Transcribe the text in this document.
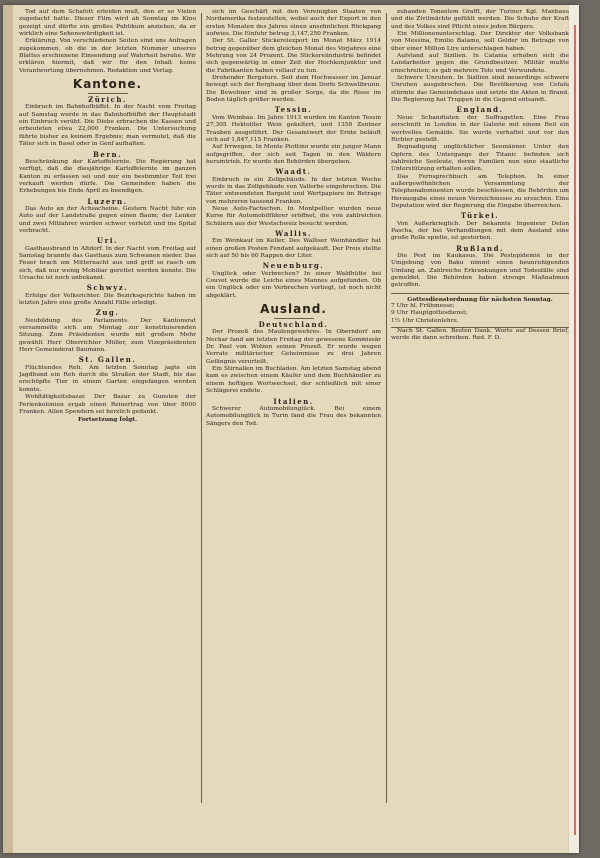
Tod auf dem Schafott erleiden muß, den er so Vielen zugedacht hatte. Dieser Film wird ab Sonntag im Kino gezeigt und dürfte ein großes Publikum anziehen, da er wirklich eine Sehenswürdigkeit ist.

Erklärung. Von verschiedenen Seiten sind uns Anfragen zugekommen, ob die in der letzten Nummer unseres Blattes erschienene Einsendung auf Wahrheit beruhe. Wir erklären hiermit, daß wir für den Inhalt keine Verantwortung übernehmen. Redaktion und Verlag.

Kantone.
Zürich.

Einbruch im Bahnhofbüffet. In der Nacht vom Freitag auf Samstag wurde in das Bahnhofbüffet der Hauptstadt ein Einbruch verübt. Die Diebe erbrachen die Kassen und erbeuteten etwa 22,000 Franken. Die Untersuchung führte bisher zu keinem Ergebnis; man vermutet, daß die Täter sich in Basel oder in Genf aufhalten.

Bern.

Beschränkung der Kartoffelernte. Die Regierung hat verfügt, daß die diesjährige Kartoffelernte im ganzen Kanton zu erfassen sei und nur ein bestimmter Teil frei verkauft werden dürfe. Die Gemeinden haben die Erhebungen bis Ende April zu beendigen.

Luzern.

Das Auto an der Achsacheine. Gestern Nacht fuhr ein Auto auf der Landstraße gegen einen Baum; der Lenker und zwei Mitfahrer wurden schwer verletzt und ins Spital verbracht.

Uri.

Gasthausbrand in Altdorf. In der Nacht vom Freitag auf Samstag brannte das Gasthaus zum Schwanen nieder. Das Feuer brach um Mitternacht aus und griff so rasch um sich, daß nur wenig Mobiliar gerettet werden konnte. Die Ursache ist noch unbekannt.

Schwyz.

Erfolge der Volksrichter. Die Bezirksgerichte haben im letzten Jahre eine große Anzahl Fälle erledigt.

Zug.

Neubildung des Parlaments. Der Kantonsrat versammelte sich am Montag zur konstituierenden Sitzung. Zum Präsidenten wurde mit großem Mehr gewählt Herr Oberrichter Müller, zum Vizepräsidenten Herr Gemeinderat Baumann.

St. Gallen.

Flüchtendes Reh. Am letzten Sonntag jagte ein Jagdhund ein Reh durch die Straßen der Stadt, bis das erschöpfte Tier in einem Garten eingefangen werden konnte.

Wohltätigkeitsbazar. Der Bazar zu Gunsten der Ferienkolonien ergab einen Reinertrag von über 8000 Franken. Allen Spendern sei herzlich gedankt.

Fortsetzung folgt.

sich im Geschäft mit den Vereinigten Staaten von Nordamerika festzustellen, wobei auch der Export in den ersten Monaten des Jahres einen ansehnlichen Rückgang aufwies. Die Einfuhr betrug 3,147,250 Franken.

Der St. Galler Stickereiexport im Monat März 1914 betrug gegenüber dem gleichen Monat des Vorjahres eine Mehrung von 24 Prozent. Die Stickereiindustrie befindet sich gegenwärtig in einer Zeit der Hochkonjunktur und die Fabrikanten haben vollauf zu tun.

Drohender Bergsturz. Seit dem Hochwasser im Januar bewegt sich der Berghang über dem Dorfe Schwellbrunn. Die Bewohner sind in großer Sorge, da die Risse im Boden täglich größer werden.

Tessin.

Vom Weinbau. Im Jahre 1913 wurden im Kanton Tessin 27,305 Hektoliter Wein gekeltert, und 1358 Zentner Trauben ausgeführt. Der Gesamtwert der Ernte beläuft sich auf 1,847,115 Franken.

Auf Irrwegen. In Monte Piottino wurde ein junger Mann aufgegriffen, der sich seit Tagen in den Wäldern herumtrieb. Er wurde den Behörden übergeben.

Waadt.

Einbruch in ein Zollgebäude. In der letzten Woche wurde in das Zollgebäude von Vallorbe eingebrochen. Die Täter entwendeten Bargeld und Wertpapiere im Betrage von mehreren tausend Franken.

Neue Auto-Fachschen. In Montpellier wurden neue Kurse für Automobilführer eröffnet, die von zahlreichen Schülern aus der Westschweiz besucht werden.

Wallis.

Ein Weinkauf im Keller. Des Walliser Weinhändler hat einen großen Posten Fendant aufgekauft. Der Preis stellte sich auf 50 bis 60 Rappen der Liter.

Neuenburg.

Unglück oder Verbrechen? In einer Waldhütte bei Couvet wurde die Leiche eines Mannes aufgefunden. Ob ein Unglück oder ein Verbrechen vorliegt, ist noch nicht abgeklärt.

Ausland.
Deutschland.

Der Prozeß des Maulengewehres. In Oberndorf am Neckar fand am letzten Freitag der gewesene Kommissär Dr. Paul von Wolzen seinen Prozeß. Er wurde wegen Verrats militärischer Geheimnisse zu drei Jahren Gefängnis verurteilt.

Ein Stirnallen im Buchladen. Am letzten Samstag abend kam es zwischen einem Käufer und dem Buchhändler zu einem heftigen Wortwechsel, der schließlich mit einer Schlägerei endete.

Italien.

Schwerer Automobilunglück. Bei einem Automobilunglück in Turin fand die Frau des bekannten Sängers den Tod.

zuhanden Toneelem Grafft, der Turiner Kgl. Manbaus und die Zivilmächte gefühlt werden. Die Schuhe der Kraft und des Volkes sind Pflicht eines jeden Bürgers.

Ein Millionenunterschlag. Der Direktor der Volksbank von Messina, Emilio Balamo, soll Gelder im Betrage von über einer Million Lire unterschlagen haben.

Aufstand auf Sizilien. In Catania erhoben sich die Landarbeiter gegen die Grundbesitzer. Militär mußte einschreiten; es gab mehrere Tote und Verwundete.

Schwere Unruhen. In Sizilien sind neuerdings schwere Unruhen ausgebrochen. Die Bevölkerung von Cefalù stürmte das Gemeindehaus und setzte die Akten in Brand. Die Regierung hat Truppen in die Gegend entsandt.

England.

Neue Schandtaten der Suffragetten. Eine Frau zerschnitt in London in der Galerie mit einem Beil ein wertvolles Gemälde. Sie wurde verhaftet und vor den Richter gestellt.

Begnadigung unglücklicher Seemänner. Unter den Opfern des Untergangs der Titanic befinden sich zahlreiche Seeleute, deren Familien nun eine staatliche Unterstützung erhalten sollen.

Das Fernsprechbuch am Telephon. In einer außergewöhnlichen Versammlung der Telephonabonnenten wurde beschlossen, die Behörden um Herausgabe eines neuen Verzeichnisses zu ersuchen. Eine Deputation wird der Regierung die Eingabe überreichen.

Türkei.

Von Außerkrieglich. Der bekannte Ingenieur Delon Pascha, der bei Verhandlungen mit dem Ausland eine große Rolle spielte, ist gestorben.

Rußland.

Die Pest im Kaukasus. Die Pestepidemie in der Umgebung von Baku nimmt einen beunruhigenden Umfang an. Zahlreiche Erkrankungen und Todesfälle sind gemeldet. Die Behörden haben strenge Maßnahmen getroffen.

Gottesdienstordnung für nächsten Sonntag.

7 Uhr hl. Frühmesse;

9 Uhr Hauptgottesdienst;

1½ Uhr Christenlehre.

Nach St. Gallen. Besten Dank. Worte auf Dessen Brief, werde die dann schreiben. Red. F. D.
